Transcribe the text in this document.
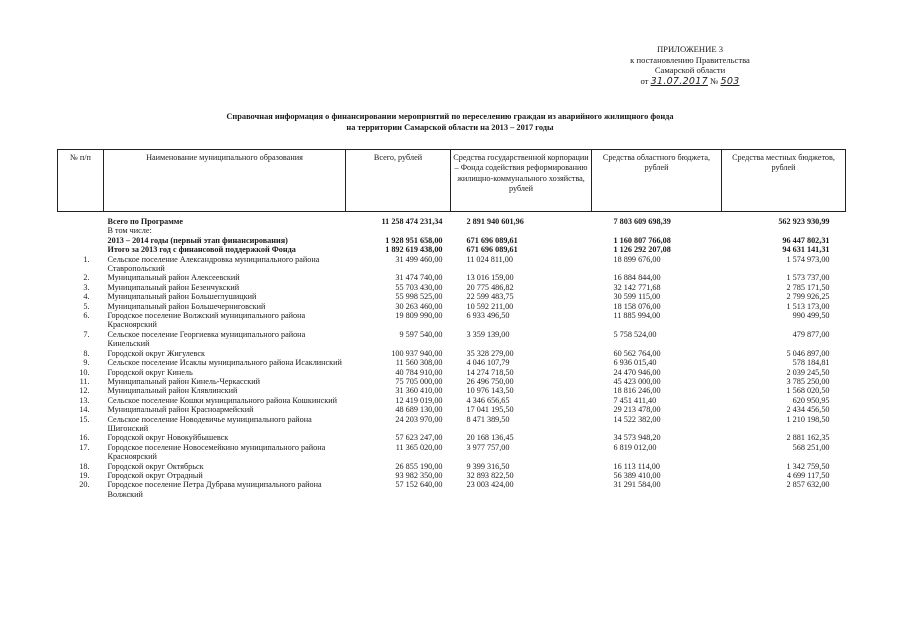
ПРИЛОЖЕНИЕ 3
к постановлению Правительства
Самарской области
от 31.07.2017 № 503
Справочная информация о финансировании мероприятий по переселению граждан из аварийного жилищного фонда
на территории Самарской области на 2013 – 2017 годы
№ п/п	Наименование муниципального образования	Всего, рублей	Средства государственной корпорации – Фонда содействия реформированию жилищно-коммунального хозяйства, рублей	Средства областного бюджета, рублей	Средства местных бюджетов, рублей

	Всего по Программе	11 258 474 231,34	2 891 940 601,96	7 803 609 698,39	562 923 930,99
	В том числе:				
	2013 – 2014 годы (первый этап финансирования)	1 928 951 658,00	671 696 089,61	1 160 807 766,08	96 447 802,31
	Итого за 2013 год с финансовой поддержкой Фонда	1 892 619 438,00	671 696 089,61	1 126 292 207,08	94 631 141,31
1.	Сельское поселение Александровка муниципального района Ставропольский	31 499 460,00	11 024 811,00	18 899 676,00	1 574 973,00
2.	Муниципальный район Алексеевский	31 474 740,00	13 016 159,00	16 884 844,00	1 573 737,00
3.	Муниципальный район Безенчукский	55 703 430,00	20 775 486,82	32 142 771,68	2 785 171,50
4.	Муниципальный район Большеглушицкий	55 998 525,00	22 599 483,75	30 599 115,00	2 799 926,25
5.	Муниципальный район Большечерниговский	30 263 460,00	10 592 211,00	18 158 076,00	1 513 173,00
6.	Городское поселение Волжский муниципального района Красноярский	19 809 990,00	6 933 496,50	11 885 994,00	990 499,50
7.	Сельское поселение Георгиевка муниципального района Кинельский	9 597 540,00	3 359 139,00	5 758 524,00	479 877,00
8.	Городской округ Жигулевск	100 937 940,00	35 328 279,00	60 562 764,00	5 046 897,00
9.	Сельское поселение Исаклы муниципального района Исаклинский	11 560 308,00	4 046 107,79	6 936 015,40	578 184,81
10.	Городской округ Кинель	40 784 910,00	14 274 718,50	24 470 946,00	2 039 245,50
11.	Муниципальный район Кинель-Черкасский	75 705 000,00	26 496 750,00	45 423 000,00	3 785 250,00
12.	Муниципальный район Клявлинский	31 360 410,00	10 976 143,50	18 816 246,00	1 568 020,50
13.	Сельское поселение Кошки муниципального района Кошкинский	12 419 019,00	4 346 656,65	7 451 411,40	620 950,95
14.	Муниципальный район Красноармейский	48 689 130,00	17 041 195,50	29 213 478,00	2 434 456,50
15.	Сельское поселение Новодевичье муниципального района Шигонский	24 203 970,00	8 471 389,50	14 522 382,00	1 210 198,50
16.	Городской округ Новокуйбышевск	57 623 247,00	20 168 136,45	34 573 948,20	2 881 162,35
17.	Городское поселение Новосемейкино муниципального района Красноярский	11 365 020,00	3 977 757,00	6 819 012,00	568 251,00
18.	Городской округ Октябрьск	26 855 190,00	9 399 316,50	16 113 114,00	1 342 759,50
19.	Городской округ Отрадный	93 982 350,00	32 893 822,50	56 389 410,00	4 699 117,50
20.	Городское поселение Петра Дубрава муниципального района Волжский	57 152 640,00	23 003 424,00	31 291 584,00	2 857 632,00
